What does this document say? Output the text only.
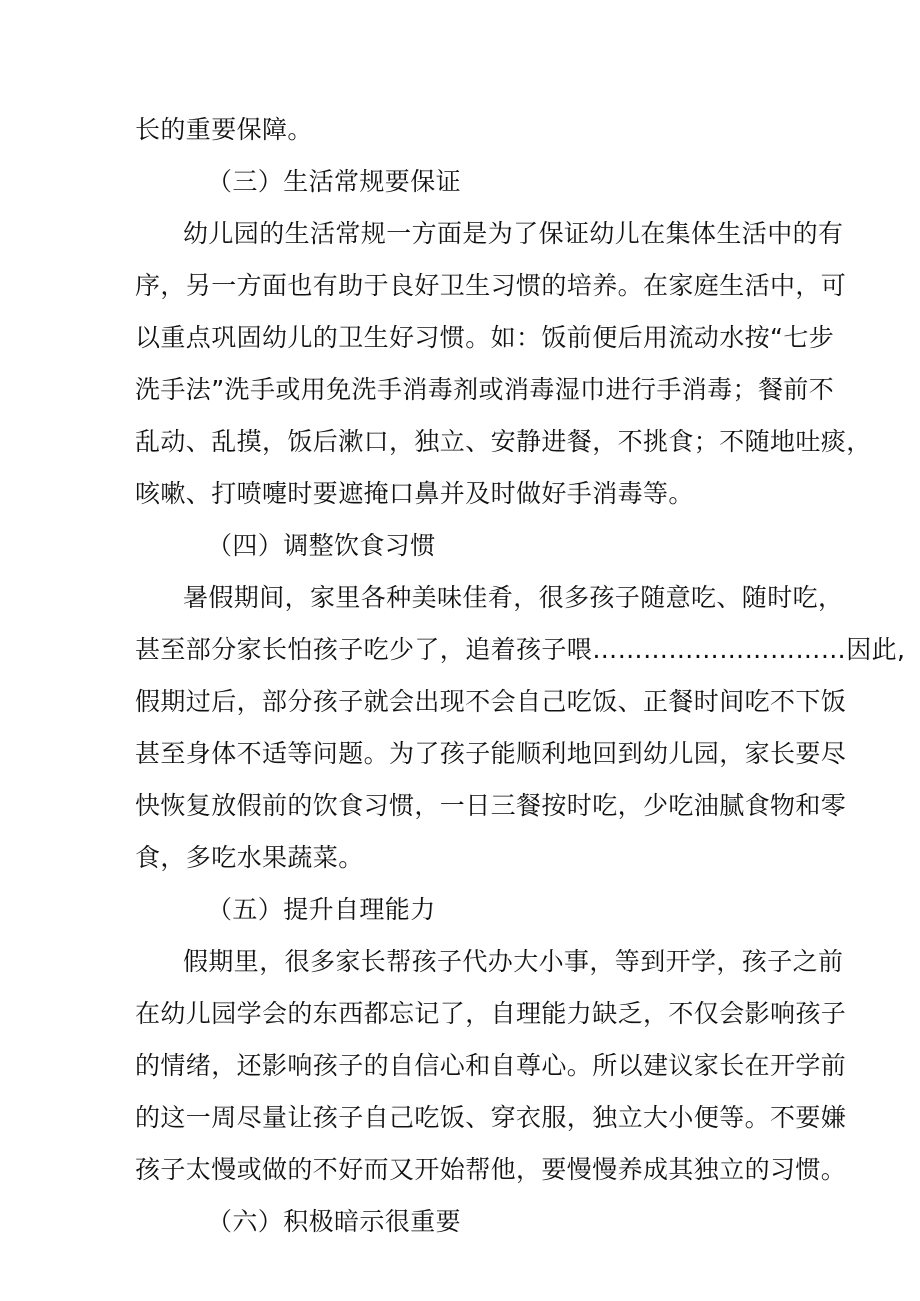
长的重要保障。
（三）生活常规要保证
幼儿园的生活常规一方面是为了保证幼儿在集体生活中的有
序，另一方面也有助于良好卫生习惯的培养。在家庭生活中，可
以重点巩固幼儿的卫生好习惯。如：饭前便后用流动水按“七步
洗手法”洗手或用免洗手消毒剂或消毒湿巾进行手消毒；餐前不
乱动、乱摸，饭后漱口，独立、安静进餐，不挑食；不随地吐痰，
咳嗽、打喷嚏时要遮掩口鼻并及时做好手消毒等。
（四）调整饮食习惯
暑假期间，家里各种美味佳肴，很多孩子随意吃、随时吃，
甚至部分家长怕孩子吃少了，追着孩子喂…………………………因此,
假期过后，部分孩子就会出现不会自己吃饭、正餐时间吃不下饭
甚至身体不适等问题。为了孩子能顺利地回到幼儿园，家长要尽
快恢复放假前的饮食习惯，一日三餐按时吃，少吃油腻食物和零
食，多吃水果蔬菜。
（五）提升自理能力
假期里，很多家长帮孩子代办大小事，等到开学，孩子之前
在幼儿园学会的东西都忘记了，自理能力缺乏，不仅会影响孩子
的情绪，还影响孩子的自信心和自尊心。所以建议家长在开学前
的这一周尽量让孩子自己吃饭、穿衣服，独立大小便等。不要嫌
孩子太慢或做的不好而又开始帮他，要慢慢养成其独立的习惯。
（六）积极暗示很重要
